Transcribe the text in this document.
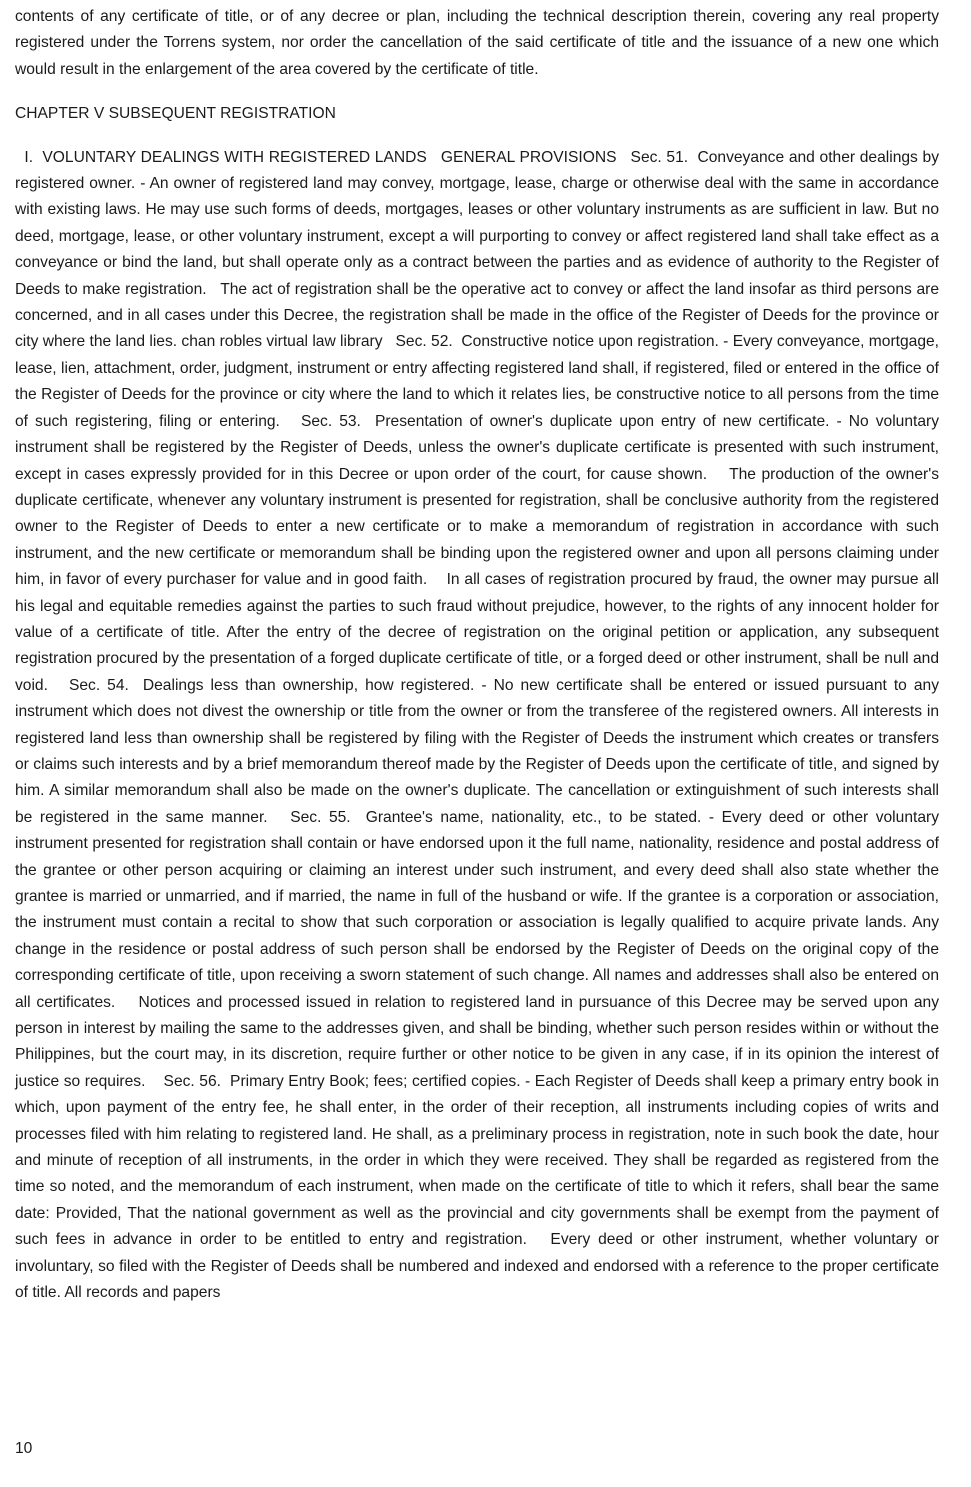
contents of any certificate of title, or of any decree or plan, including the technical description therein, covering any real property registered under the Torrens system, nor order the cancellation of the said certificate of title and the issuance of a new one which would result in the enlargement of the area covered by the certificate of title.

CHAPTER V SUBSEQUENT REGISTRATION

I.  VOLUNTARY DEALINGS WITH REGISTERED LANDS   GENERAL PROVISIONS   Sec. 51.  Conveyance and other dealings by registered owner. - An owner of registered land may convey, mortgage, lease, charge or otherwise deal with the same in accordance with existing laws. He may use such forms of deeds, mortgages, leases or other voluntary instruments as are sufficient in law. But no deed, mortgage, lease, or other voluntary instrument, except a will purporting to convey or affect registered land shall take effect as a conveyance or bind the land, but shall operate only as a contract between the parties and as evidence of authority to the Register of Deeds to make registration.   The act of registration shall be the operative act to convey or affect the land insofar as third persons are concerned, and in all cases under this Decree, the registration shall be made in the office of the Register of Deeds for the province or city where the land lies. chan robles virtual law library   Sec. 52.  Constructive notice upon registration. - Every conveyance, mortgage, lease, lien, attachment, order, judgment, instrument or entry affecting registered land shall, if registered, filed or entered in the office of the Register of Deeds for the province or city where the land to which it relates lies, be constructive notice to all persons from the time of such registering, filing or entering.   Sec. 53.  Presentation of owner's duplicate upon entry of new certificate. - No voluntary instrument shall be registered by the Register of Deeds, unless the owner's duplicate certificate is presented with such instrument, except in cases expressly provided for in this Decree or upon order of the court, for cause shown.    The production of the owner's duplicate certificate, whenever any voluntary instrument is presented for registration, shall be conclusive authority from the registered owner to the Register of Deeds to enter a new certificate or to make a memorandum of registration in accordance with such instrument, and the new certificate or memorandum shall be binding upon the registered owner and upon all persons claiming under him, in favor of every purchaser for value and in good faith.    In all cases of registration procured by fraud, the owner may pursue all his legal and equitable remedies against the parties to such fraud without prejudice, however, to the rights of any innocent holder for value of a certificate of title. After the entry of the decree of registration on the original petition or application, any subsequent registration procured by the presentation of a forged duplicate certificate of title, or a forged deed or other instrument, shall be null and void.   Sec. 54.  Dealings less than ownership, how registered. - No new certificate shall be entered or issued pursuant to any instrument which does not divest the ownership or title from the owner or from the transferee of the registered owners. All interests in registered land less than ownership shall be registered by filing with the Register of Deeds the instrument which creates or transfers or claims such interests and by a brief memorandum thereof made by the Register of Deeds upon the certificate of title, and signed by him. A similar memorandum shall also be made on the owner's duplicate. The cancellation or extinguishment of such interests shall be registered in the same manner.   Sec. 55.  Grantee's name, nationality, etc., to be stated. - Every deed or other voluntary instrument presented for registration shall contain or have endorsed upon it the full name, nationality, residence and postal address of the grantee or other person acquiring or claiming an interest under such instrument, and every deed shall also state whether the grantee is married or unmarried, and if married, the name in full of the husband or wife. If the grantee is a corporation or association, the instrument must contain a recital to show that such corporation or association is legally qualified to acquire private lands. Any change in the residence or postal address of such person shall be endorsed by the Register of Deeds on the original copy of the corresponding certificate of title, upon receiving a sworn statement of such change. All names and addresses shall also be entered on all certificates.    Notices and processed issued in relation to registered land in pursuance of this Decree may be served upon any person in interest by mailing the same to the addresses given, and shall be binding, whether such person resides within or without the Philippines, but the court may, in its discretion, require further or other notice to be given in any case, if in its opinion the interest of justice so requires.    Sec. 56.  Primary Entry Book; fees; certified copies. - Each Register of Deeds shall keep a primary entry book in which, upon payment of the entry fee, he shall enter, in the order of their reception, all instruments including copies of writs and processes filed with him relating to registered land. He shall, as a preliminary process in registration, note in such book the date, hour and minute of reception of all instruments, in the order in which they were received. They shall be regarded as registered from the time so noted, and the memorandum of each instrument, when made on the certificate of title to which it refers, shall bear the same date: Provided, That the national government as well as the provincial and city governments shall be exempt from the payment of such fees in advance in order to be entitled to entry and registration.   Every deed or other instrument, whether voluntary or involuntary, so filed with the Register of Deeds shall be numbered and indexed and endorsed with a reference to the proper certificate of title. All records and papers

10
